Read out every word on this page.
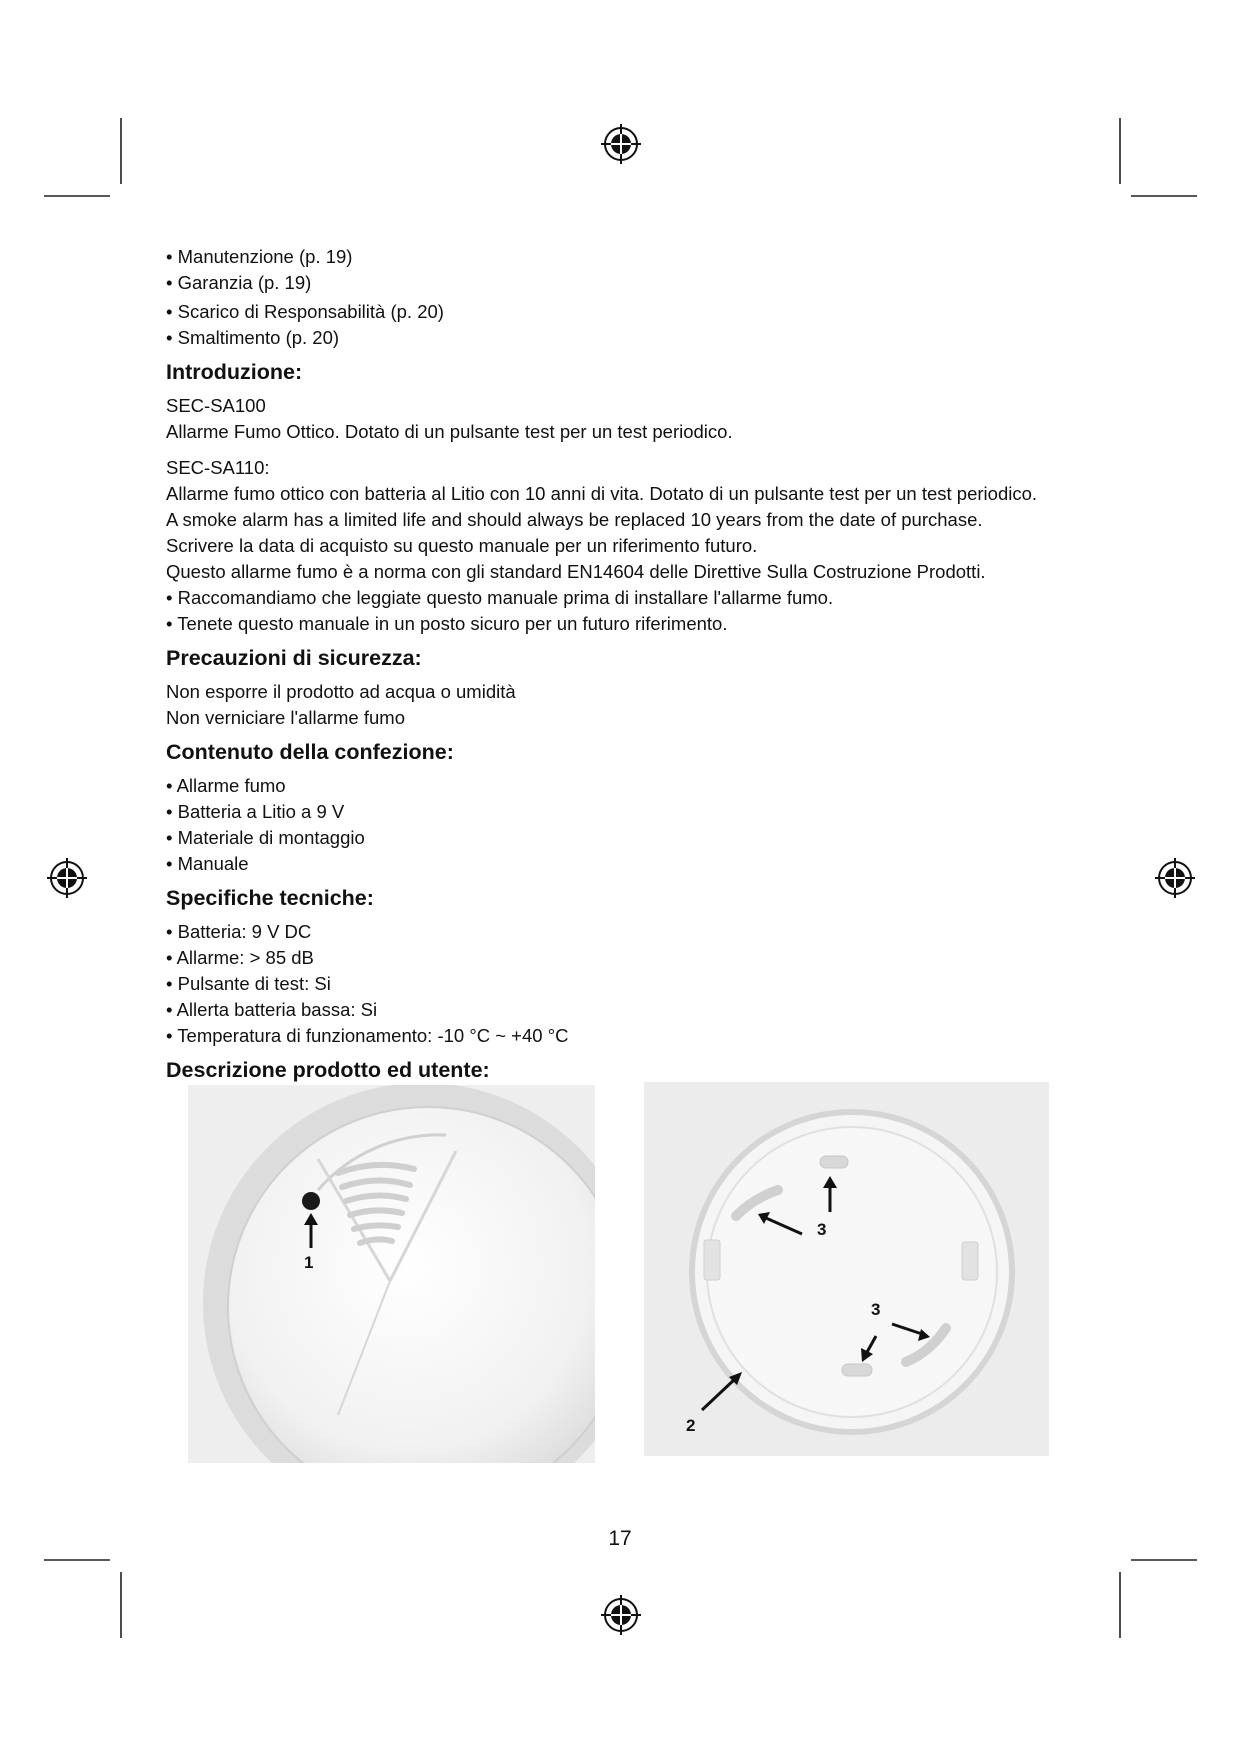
• Manutenzione (p. 19)

• Garanzia (p. 19)

• Scarico di Responsabilità (p. 20)

• Smaltimento (p. 20)

Introduzione:

SEC-SA100

Allarme Fumo Ottico. Dotato di un pulsante test per un test periodico.

SEC-SA110:

Allarme fumo ottico con batteria al Litio con 10 anni di vita. Dotato di un pulsante test per un test periodico.

A smoke alarm has a limited life and should always be replaced 10 years from the date of purchase.

Scrivere la data di acquisto su questo manuale per un riferimento futuro.

Questo allarme fumo è a norma con gli standard EN14604 delle Direttive Sulla Costruzione Prodotti.

• Raccomandiamo che leggiate questo manuale prima di installare l'allarme fumo.

• Tenete questo manuale in un posto sicuro per un futuro riferimento.

Precauzioni di sicurezza:

Non esporre il prodotto ad acqua o umidità

Non verniciare l'allarme fumo

Contenuto della confezione:

• Allarme fumo

• Batteria a Litio a 9 V

• Materiale di montaggio

• Manuale

Specifiche tecniche:

• Batteria: 9 V DC

• Allarme: > 85 dB

• Pulsante di test: Si

• Allerta batteria bassa: Si

• Temperatura di funzionamento: -10 °C ~ +40 °C

Descrizione prodotto ed utente:
1
3
3
2
17
